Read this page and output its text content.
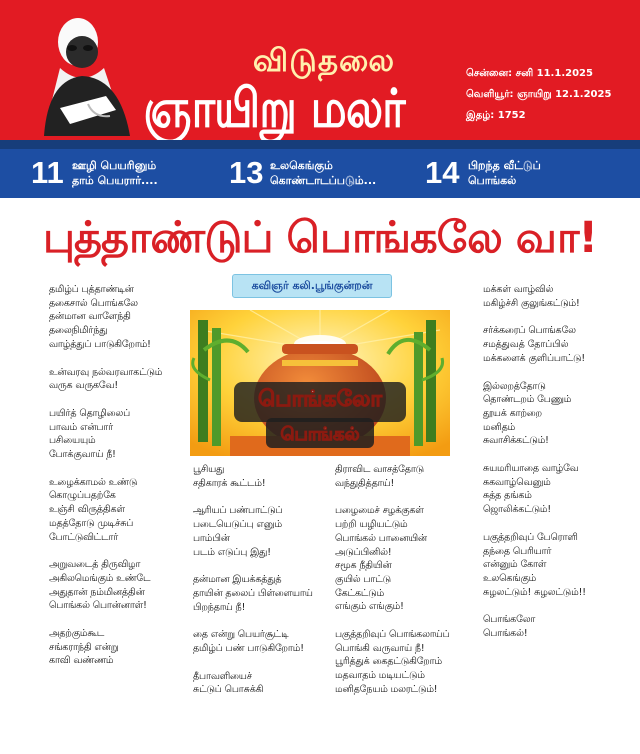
விடுதலை
ஞாயிறு மலர்
சென்னை: சனி 11.1.2025
வெளியூர்: ஞாயிறு 12.1.2025
இதழ்: 1752
11 ஊழி பெயரினும்
தாம் பெயரார்.... 13 உலகெங்கும்
கொண்டாடப்படும்... 14 பிறந்த வீட்டுப்
பொங்கல்
புத்தாண்டுப் பொங்கலே வா!
கவிஞர் கலி.பூங்குன்றன்
பொங்கலோ
பொங்கல்

தமிழ்ப் புத்தாண்டின்
தகைசால் பொங்கலே
தன்மான வாளேந்தி
தலைநிமிர்ந்து
வாழ்த்துப் பாடுகிறோம்!

உன்வரவு நல்வரவாகட்டும்
வருக வருகவே!

பயிர்த் தொழிலைப்
பாவம் என்பார்
பசியையும்
போக்குவாய் நீ!

உழைக்காமல் உண்டு
கொழுப்பதற்கே
உஞ்சி விருத்திகள்
மதத்தோடு முடிச்சுப்
போட்டுவிட்டார்

அறுவடைத் திருவிழா
அகிலமெங்கும் உண்டே
அதுதான் நம்மினத்தின்
பொங்கல் பொன்னாள்!

அதற்கும்கூட
சங்கராந்தி என்று
காவி வண்ணம்

பூசியது
சதிகாரக் கூட்டம்!

ஆரியப் பண்பாட்டுப்
படையெடுப்பு எனும்
பாம்பின்
படம் எடுப்பு இது!

தன்மான இயக்கத்துத்
தாயின் தலைப் பிள்ளையாய்
பிறந்தாய் நீ!

தை என்று பெயர்சூட்டி
தமிழ்ப் பண் பாடுகிறோம்!

தீபாவளியைச்
சுட்டுப் பொசுக்கி

திராவிட வாசத்தோடு
வந்துதித்தாய்!

பழைமைச் சழக்குகள்
பற்றி யழியட்டும்
பொங்கல் பானையின்
அடுப்பினில்!
சமூக நீதியின்
குயில் பாட்டு
கேட்கட்டும்
எங்கும் எங்கும்!

பகுத்தறிவுப் பொங்கலாய்ப்
பொங்கி வருவாய் நீ!
பூரித்துக் கைதட்டுகிறோம்
மதவாதம் மடியட்டும்
மனிதநேயம் மலரட்டும்!

மக்கள் வாழ்வில்
மகிழ்ச்சி குலுங்கட்டும்!

சர்க்கரைப் பொங்கலே
சமத்துவத் தோப்பில்
மக்களைக் குளிப்பாட்டு!

இல்லறத்தோடு
தொண்டறம் பேணும்
தூயக் காற்றை
மனிதம்
சுவாசிக்கட்டும்!

சுயமரியாதை வாழ்வே
சுகவாழ்வெனும்
சுத்த தங்கம்
ஜொலிக்கட்டும்!

பகுத்தறிவுப் பேரொளி
தந்தை பெரியார்
என்னும் கோள்
உலகெங்கும்
சுழலட்டும்! சுழலட்டும்!!

பொங்கலோ
பொங்கல்!
